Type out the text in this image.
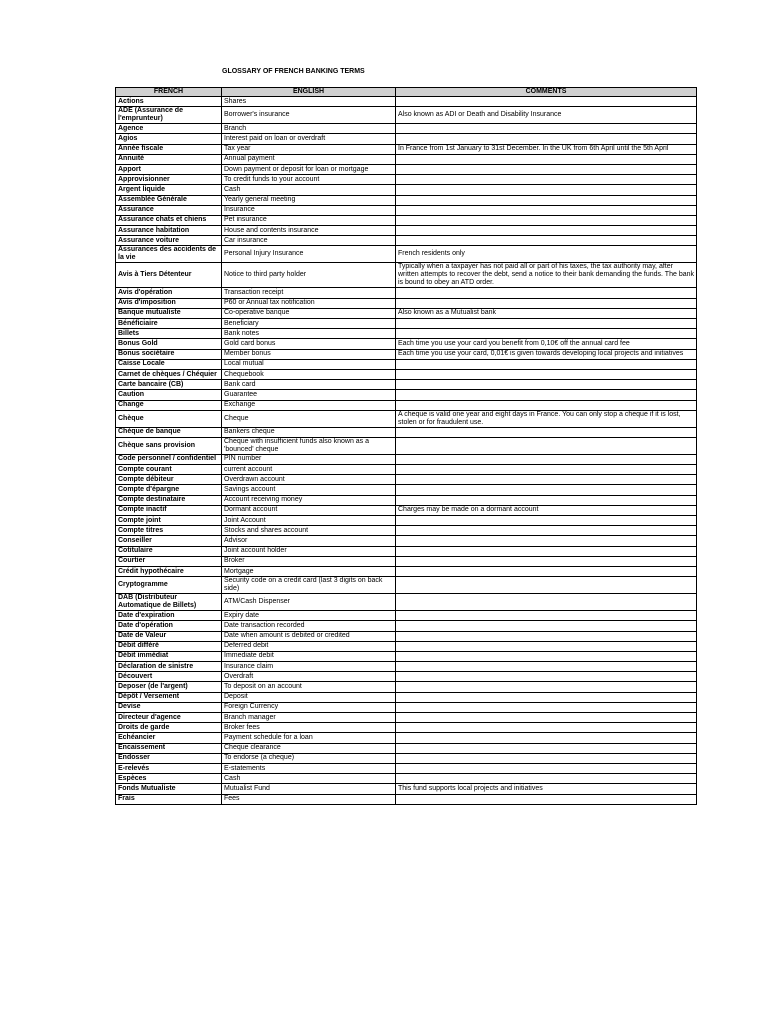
GLOSSARY OF FRENCH BANKING TERMS
FRENCH	ENGLISH	COMMENTS
Actions	Shares	
ADE (Assurance de l'emprunteur)	Borrower's insurance	Also known as ADI or Death and Disability Insurance
Agence	Branch	
Agios	Interest paid on loan or overdraft	
Année fiscale	Tax year	In France from 1st January to 31st December. In the UK from 6th April until the 5th April
Annuité	Annual payment	
Apport	Down payment or deposit for loan or mortgage	
Approvisionner	To credit funds to your account	
Argent liquide	Cash	
Assemblée Générale	Yearly general meeting	
Assurance	Insurance	
Assurance chats et chiens	Pet insurance	
Assurance habitation	House and contents insurance	
Assurance voiture	Car insurance	
Assurances des accidents de la vie	Personal Injury Insurance	French residents only
Avis à Tiers Détenteur	Notice to third party holder	Typically when a taxpayer has not paid all or part of his taxes, the tax authority may, after written attempts to recover the debt, send a notice to their bank demanding the funds. The bank is bound to obey an ATD order.
Avis d'opération	Transaction receipt	
Avis d'imposition	P60 or Annual tax notification	
Banque mutualiste	Co-operative banque	Also known as a Mutualist bank
Bénéficiaire	Beneficiary	
Billets	Bank notes	
Bonus Gold	Gold card bonus	Each time you use your card you benefit from 0,10€ off the annual card fee
Bonus sociétaire	Member bonus	Each time you use your card, 0,01€ is given towards developing local projects and initiatives
Caisse Locale	Local mutual	
Carnet de chèques / Chéquier	Chequebook	
Carte bancaire (CB)	Bank card	
Caution	Guarantee	
Change	Exchange	
Chèque	Cheque	A cheque is valid one year and eight days in France. You can only stop a cheque if it is lost, stolen or for fraudulent use.
Chèque de banque	Bankers cheque	
Chèque sans provision	Cheque with insufficient funds also known as a 'bounced' cheque	
Code personnel / confidentiel	PIN number	
Compte courant	current account	
Compte débiteur	Overdrawn account	
Compte d'épargne	Savings account	
Compte destinataire	Account receiving money	
Compte inactif	Dormant account	Charges may be made on a dormant account
Compte joint	Joint Account	
Compte titres	Stocks and shares account	
Conseiller	Advisor	
Cotitulaire	Joint account holder	
Courtier	Broker	
Crédit hypothécaire	Mortgage	
Cryptogramme	Security code on a credit card (last 3 digits on back side)	
DAB (Distributeur Automatique de Billets)	ATM/Cash Dispenser	
Date d'expiration	Expiry date	
Date d'opération	Date transaction recorded	
Date de Valeur	Date when amount is debited or credited	
Débit différé	Deferred debit	
Débit immédiat	Immediate debit	
Déclaration de sinistre	Insurance claim	
Découvert	Overdraft	
Deposer (de l'argent)	To deposit on an account	
Dépôt / Versement	Deposit	
Devise	Foreign Currency	
Directeur d'agence	Branch manager	
Droits de garde	Broker fees	
Echéancier	Payment schedule for a loan	
Encaissement	Cheque clearance	
Endosser	To endorse (a cheque)	
E-relevés	E-statements	
Espèces	Cash	
Fonds Mutualiste	Mutualist Fund	This fund supports local projects and initiatives
Frais	Fees	
